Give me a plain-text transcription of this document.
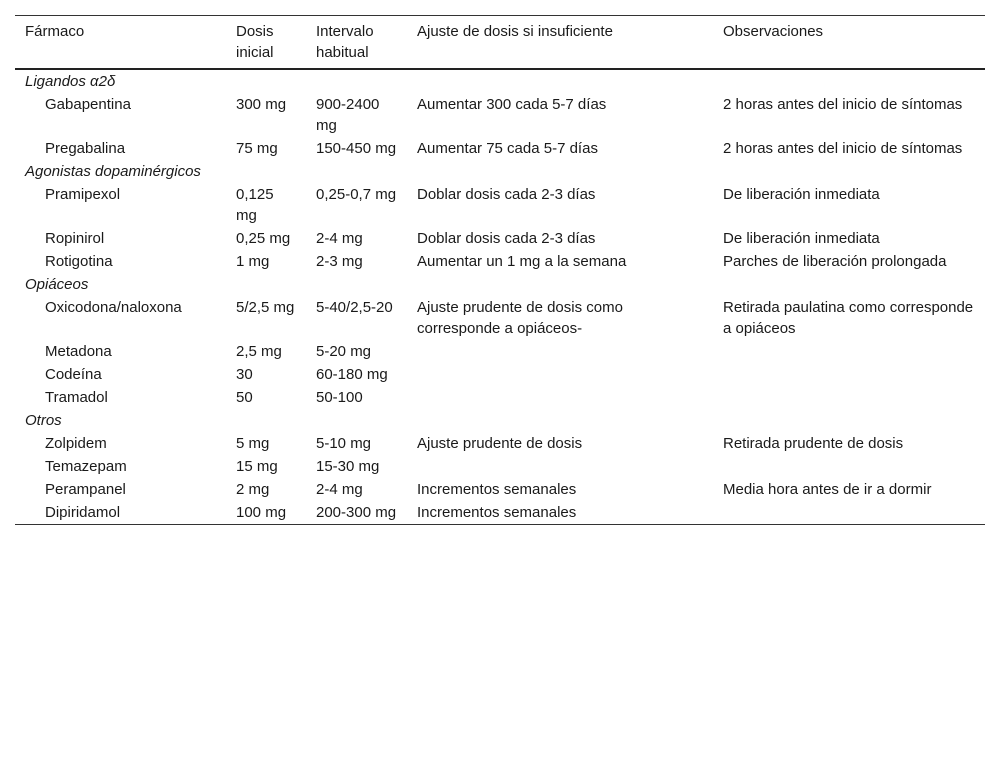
Fármaco	Dosis inicial	Intervalo habitual	Ajuste de dosis si insuficiente	Observaciones
Ligandos α2δ				
Gabapentina	300 mg	900-2400 mg	Aumentar 300 cada 5-7 días	2 horas antes del inicio de síntomas
Pregabalina	75 mg	150-450 mg	Aumentar 75 cada 5-7 días	2 horas antes del inicio de síntomas
Agonistas dopaminérgicos				
Pramipexol	0,125 mg	0,25-0,7 mg	Doblar dosis cada 2-3 días	De liberación inmediata
Ropinirol	0,25 mg	2-4 mg	Doblar dosis cada 2-3 días	De liberación inmediata
Rotigotina	1 mg	2-3 mg	Aumentar un 1 mg a la semana	Parches de liberación prolongada
Opiáceos				
Oxicodona/naloxona	5/2,5 mg	5-40/2,5-20	Ajuste prudente de dosis como corresponde a opiáceos-	Retirada paulatina como corresponde a opiáceos
Metadona	2,5 mg	5-20 mg		
Codeína	30	60-180 mg		
Tramadol	50	50-100		
Otros				
Zolpidem	5 mg	5-10 mg	Ajuste prudente de dosis	Retirada prudente de dosis
Temazepam	15 mg	15-30 mg		
Perampanel	2 mg	2-4 mg	Incrementos semanales	Media hora antes de ir a dormir
Dipiridamol	100 mg	200-300 mg	Incrementos semanales	
